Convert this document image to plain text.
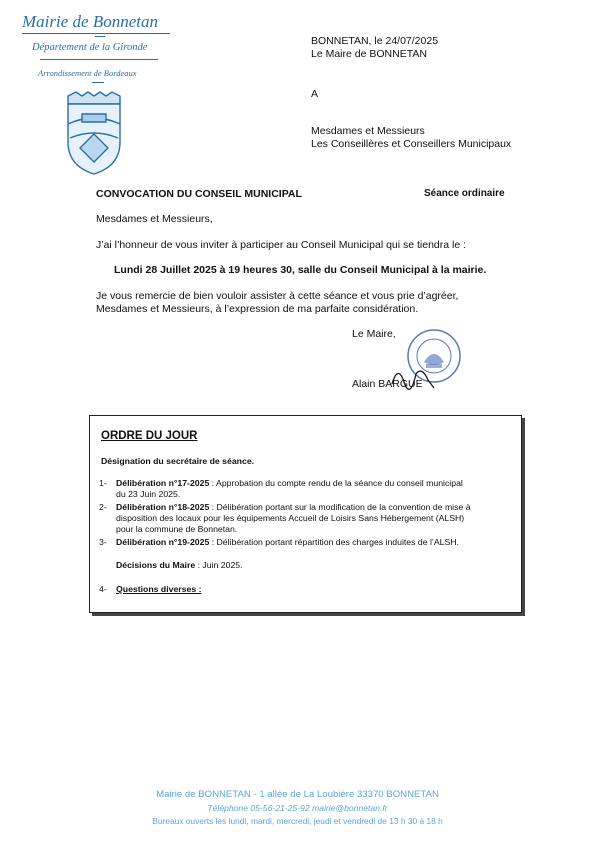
Mairie de Bonnetan
Département de la Gironde
Arrondissement de Bordeaux
BONNETAN, le 24/07/2025
Le Maire de BONNETAN
A
Mesdames et Messieurs
Les Conseillères et Conseillers Municipaux
CONVOCATION DU CONSEIL MUNICIPAL	Séance ordinaire
Mesdames et Messieurs,
J’ai l’honneur de vous inviter à participer au Conseil Municipal qui se tiendra le :
Lundi 28 Juillet 2025 à 19 heures 30, salle du Conseil Municipal à la mairie.
Je vous remercie de bien vouloir assister à cette séance et vous prie d’agréer,
Mesdames et Messieurs, à l’expression de ma parfaite considération.
Le Maire,
Alain BARGUE
ORDRE DU JOUR
Désignation du secrétaire de séance.
1- Délibération n°17-2025 : Approbation du compte rendu de la séance du conseil municipal
du 23 Juin 2025.
2- Délibération n°18-2025 : Délibération portant sur la modification de la convention de mise à
disposition des locaux pour les équipements Accueil de Loisirs Sans Hébergement (ALSH)
pour la commune de Bonnetan.
3- Délibération n°19-2025 : Délibération portant répartition des charges induites de l’ALSH.
Décisions du Maire : Juin 2025.
4- Questions diverses :
Mairie de BONNETAN - 1 allée de La Loubière 33370 BONNETAN
Téléphone 05-56-21-25-92 mairie@bonnetan.fr
Bureaux ouverts les lundi, mardi, mercredi, jeudi et vendredi de 13 h 30 à 18 h
